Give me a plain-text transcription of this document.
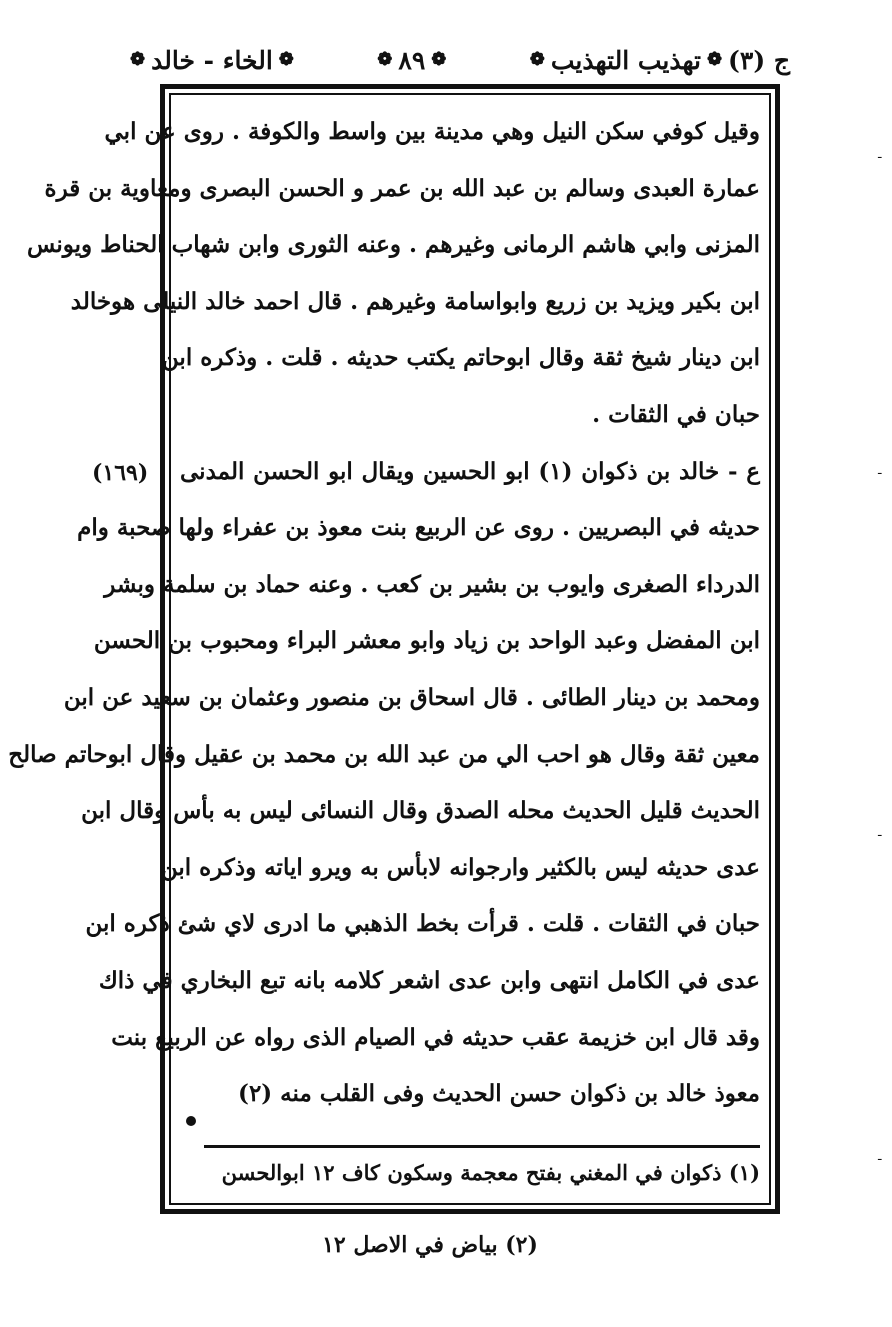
ج (٣)
❁
تهذيب التهذيب
❁
❁
٨٩
❁
❁
الخاء - خالد
❁
(١٦٩)
وقيل كوفي سكن النيل وهي مدينة بين واسط والكوفة . روى عن ابي
عمارة العبدى وسالم بن عبد الله بن عمر و الحسن البصرى ومعاوية بن قرة
المزنى وابي هاشم الرمانى وغيرهم . وعنه الثورى وابن شهاب الحناط ويونس
ابن بكير ويزيد بن زريع وابواسامة وغيرهم . قال احمد خالد النيلى هوخالد
ابن دينار شيخ ثقة وقال ابوحاتم يكتب حديثه . قلت . وذكره ابن
حبان في الثقات .
ع - خالد بن ذكوان (١) ابو الحسين ويقال ابو الحسن المدنى
حديثه في البصريين . روى عن الربيع بنت معوذ بن عفراء ولها صحبة وام
الدرداء الصغرى وايوب بن بشير بن كعب . وعنه حماد بن سلمة وبشر
ابن المفضل وعبد الواحد بن زياد وابو معشر البراء ومحبوب بن الحسن
ومحمد بن دينار الطائى . قال اسحاق بن منصور وعثمان بن سعيد عن ابن
معين ثقة وقال هو احب الي من عبد الله بن محمد بن عقيل وقال ابوحاتم صالح
الحديث قليل الحديث محله الصدق وقال النسائى ليس به بأس وقال ابن
عدى حديثه ليس بالكثير وارجوانه لابأس به ويرو اياته وذكره ابن
حبان في الثقات . قلت . قرأت بخط الذهبي ما ادرى لاي شئ ذكره ابن
عدى في الكامل انتهى وابن عدى اشعر كلامه بانه تبع البخاري في ذاك
وقد قال ابن خزيمة عقب حديثه في الصيام الذى رواه عن الربيع بنت
معوذ خالد بن ذكوان حسن الحديث وفى القلب منه (٢)
(١) ذكوان في المغني بفتح معجمة وسكون كاف ١٢ ابوالحسن
(٢) بياض في الاصل ١٢
ـ
ـ
ـ
ـ
